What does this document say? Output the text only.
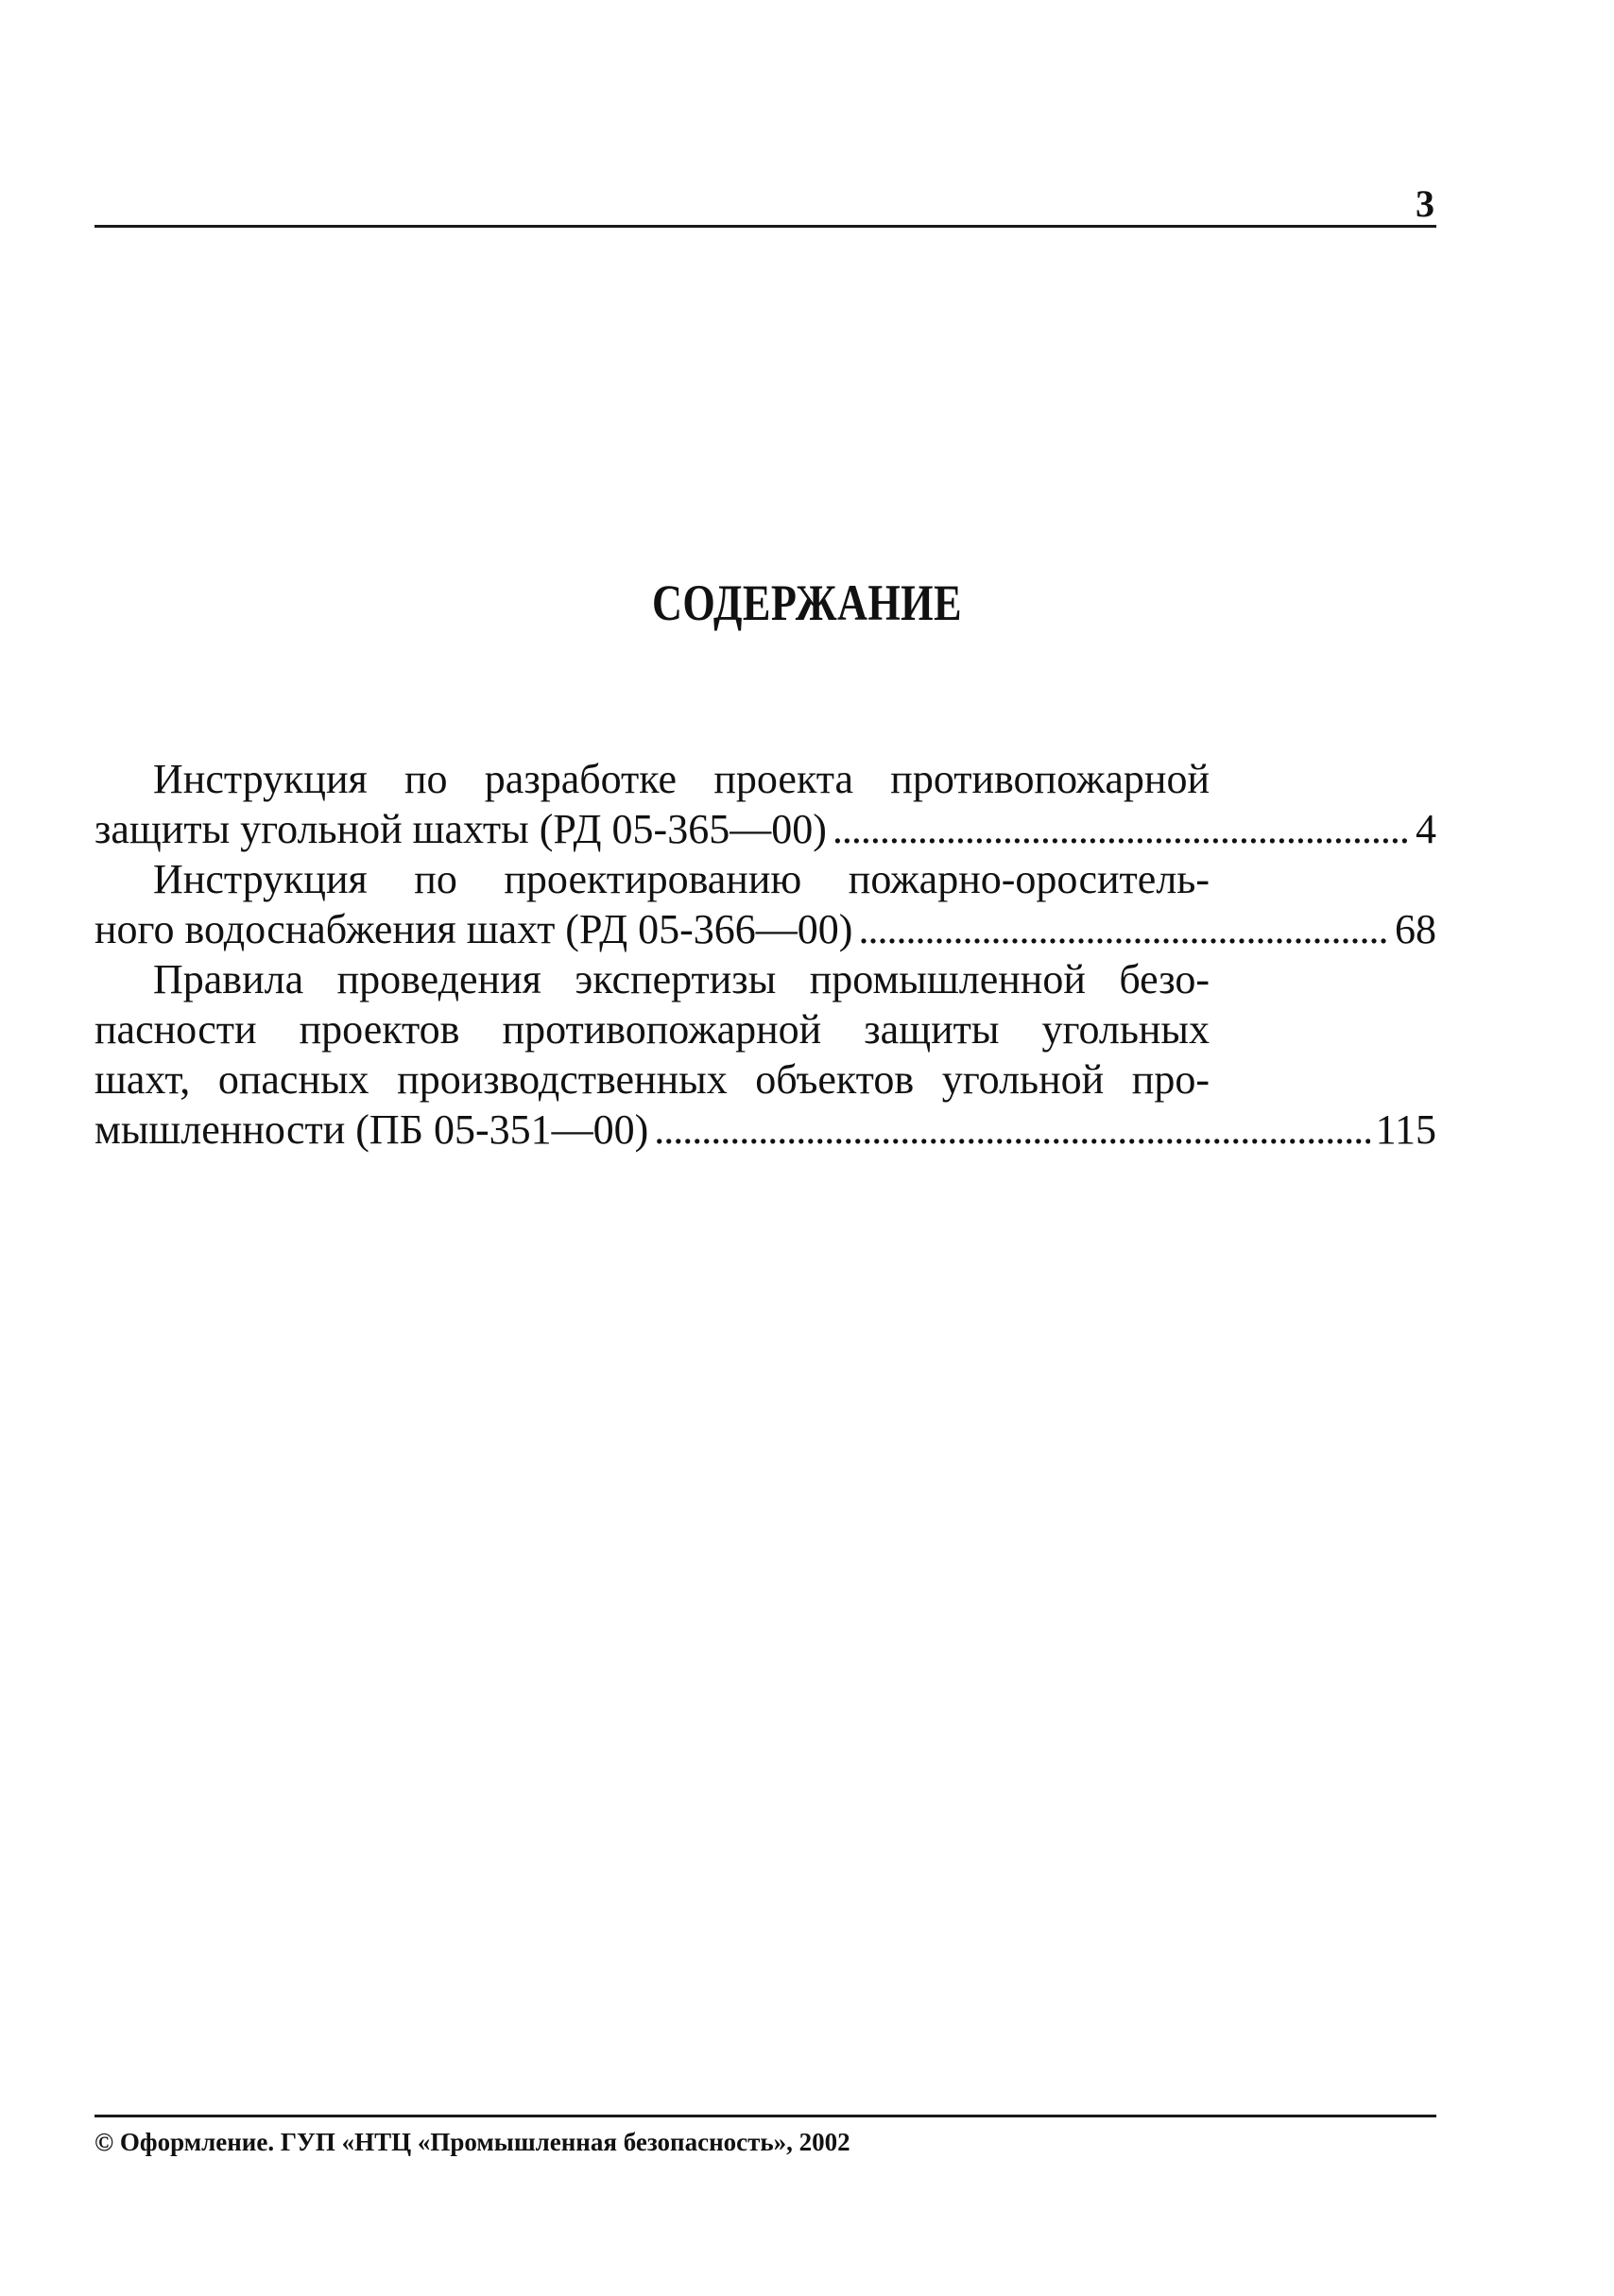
3
СОДЕРЖАНИЕ
Инструкция по разработке проекта противопожарной
защиты угольной шахты (РД 05-365—00) . . .	4
Инструкция по проектированию пожарно-ороситель-
ного водоснабжения шахт (РД 05-366—00) . . .	68
Правила проведения экспертизы промышленной безо-
пасности проектов противопожарной защиты угольных
шахт, опасных производственных объектов угольной про-
мышленности (ПБ 05-351—00) . . .	115
© Оформление. ГУП «НТЦ «Промышленная безопасность», 2002
